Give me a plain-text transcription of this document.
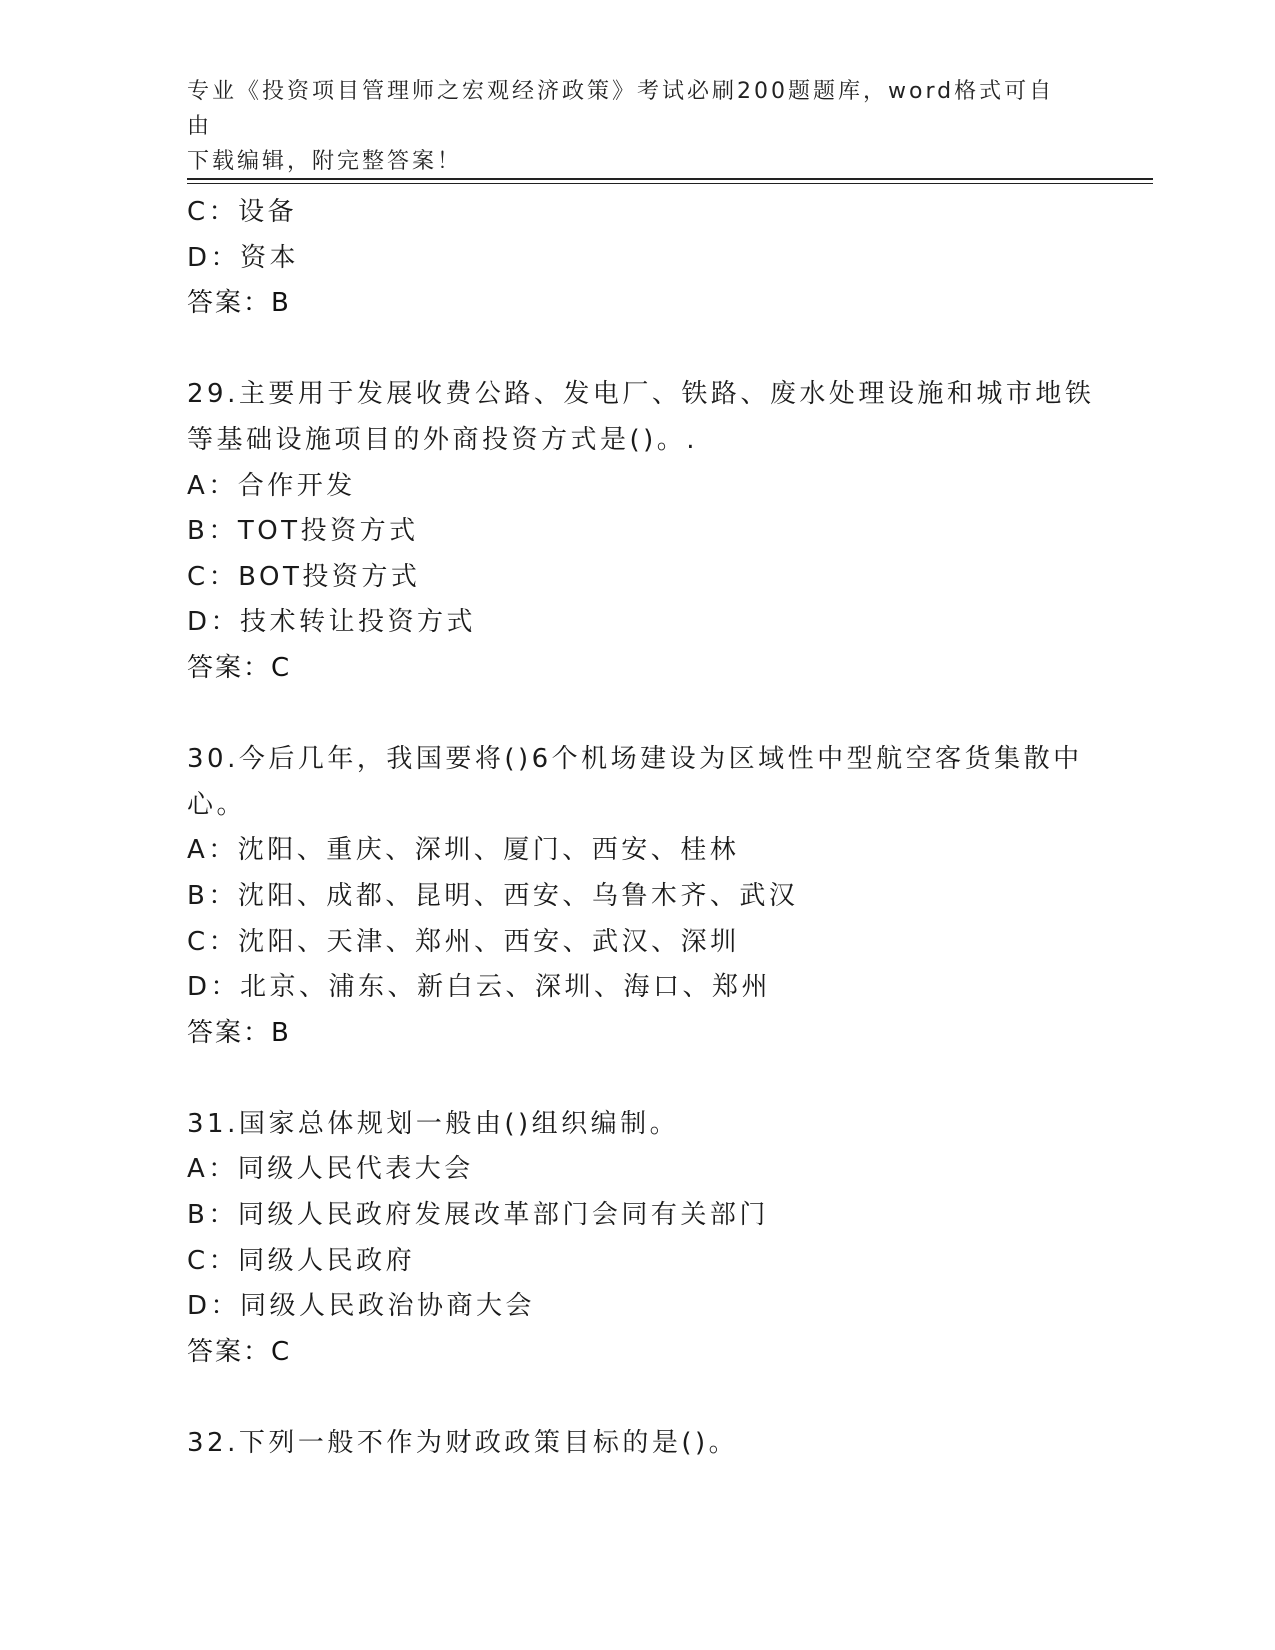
专业《投资项目管理师之宏观经济政策》考试必刷200题题库，word格式可自由
下载编辑，附完整答案！
C：设备
D：资本
答案：B
29.主要用于发展收费公路、发电厂、铁路、废水处理设施和城市地铁
等基础设施项目的外商投资方式是()。.
A：合作开发
B：TOT投资方式
C：BOT投资方式
D：技术转让投资方式
答案：C
30.今后几年，我国要将()6个机场建设为区域性中型航空客货集散中
心。
A：沈阳、重庆、深圳、厦门、西安、桂林
B：沈阳、成都、昆明、西安、乌鲁木齐、武汉
C：沈阳、天津、郑州、西安、武汉、深圳
D：北京、浦东、新白云、深圳、海口、郑州
答案：B
31.国家总体规划一般由()组织编制。
A：同级人民代表大会
B：同级人民政府发展改革部门会同有关部门
C：同级人民政府
D：同级人民政治协商大会
答案：C
32.下列一般不作为财政政策目标的是()。
